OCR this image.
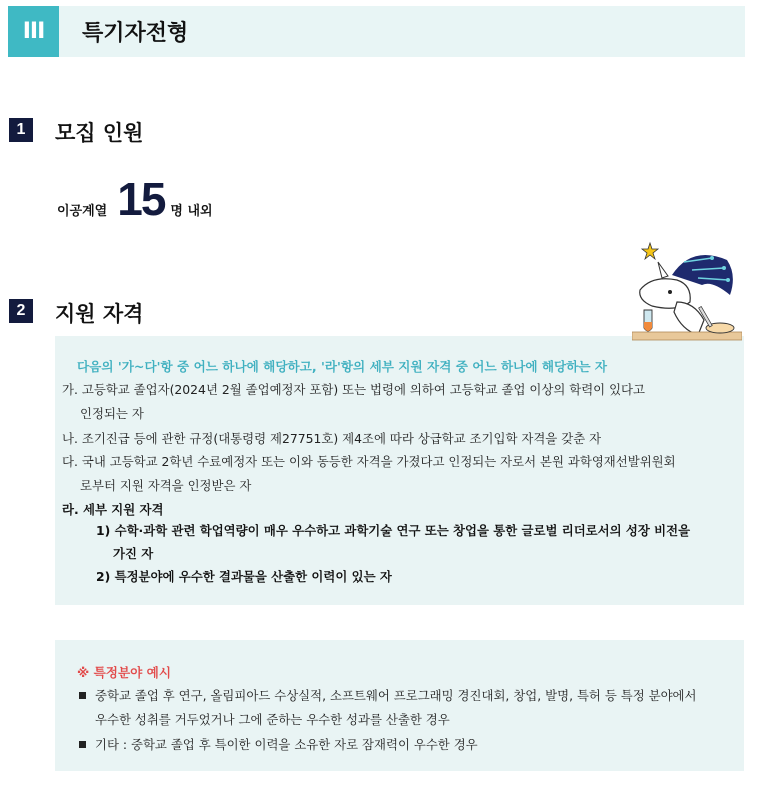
III	특기자전형
1	모집 인원
이공계열 15 명 내외
2	지원 자격
다음의 '가~다'항 중 어느 하나에 해당하고, '라'항의 세부 지원 자격 중 어느 하나에 해당하는 자
가. 고등학교 졸업자(2024년 2월 졸업예정자 포함) 또는 법령에 의하여 고등학교 졸업 이상의 학력이 있다고
인정되는 자
나. 조기진급 등에 관한 규정(대통령령 제27751호) 제4조에 따라 상급학교 조기입학 자격을 갖춘 자
다. 국내 고등학교 2학년 수료예정자 또는 이와 동등한 자격을 가졌다고 인정되는 자로서 본원 과학영재선발위원회
로부터 지원 자격을 인정받은 자
라. 세부 지원 자격
1) 수학·과학 관련 학업역량이 매우 우수하고 과학기술 연구 또는 창업을 통한 글로벌 리더로서의 성장 비전을
가진 자
2) 특정분야에 우수한 결과물을 산출한 이력이 있는 자
※ 특정분야 예시
중학교 졸업 후 연구, 올림피아드 수상실적, 소프트웨어 프로그래밍 경진대회, 창업, 발명, 특허 등 특정 분야에서
우수한 성취를 거두었거나 그에 준하는 우수한 성과를 산출한 경우
기타 : 중학교 졸업 후 특이한 이력을 소유한 자로 잠재력이 우수한 경우
